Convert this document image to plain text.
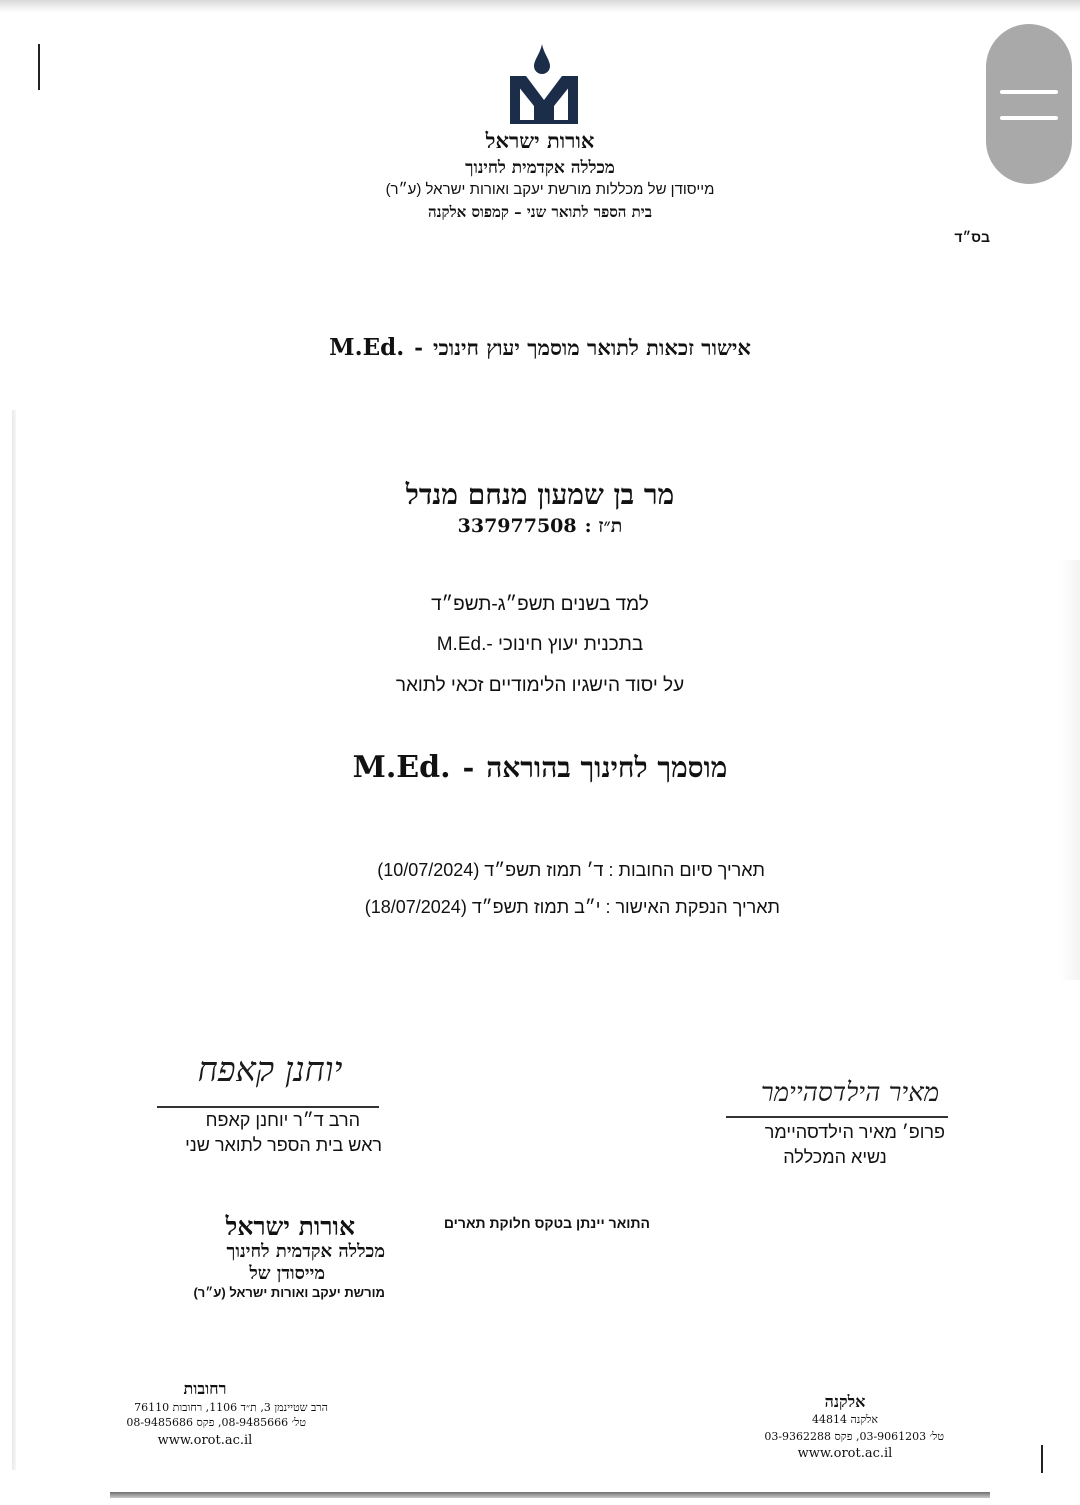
אורות ישראל
מכללה אקדמית לחינוך
מייסודן של מכללות מורשת יעקב ואורות ישראל (ע״ר)
בית הספר לתואר שני – קמפוס אלקנה
בס״ד
M.Ed. - אישור זכאות לתואר מוסמך יעוץ חינוכי
מר בן שמעון מנחם מנדל
337977508 ת״ז :
למד בשנים תשפ״ג-תשפ״ד
בתכנית יעוץ חינוכי -.M.Ed
על יסוד הישגיו הלימודיים זכאי לתואר
M.Ed. - מוסמך לחינוך בהוראה
תאריך סיום החובות : ד׳ תמוז תשפ״ד (10/07/2024)
תאריך הנפקת האישור : י״ב תמוז תשפ״ד (18/07/2024)
יוחנן קאפח
הרב ד״ר יוחנן קאפח
ראש בית הספר לתואר שני
מאיר הילדסהיימר
פרופ׳ מאיר הילדסהיימר
נשיא המכללה
אורות ישראל
מכללה אקדמית לחינוך
מייסודן של
מורשת יעקב ואורות ישראל (ע״ר)
התואר יינתן בטקס חלוקת תארים
רחובות
הרב שטיינמן 3, ת״ד 1106, רחובות 76110
טל׳ 08-9485666, פקס 08-9485686
www.orot.ac.il
אלקנה
אלקנה 44814
טל׳ 03-9061203, פקס 03-9362288
www.orot.ac.il
